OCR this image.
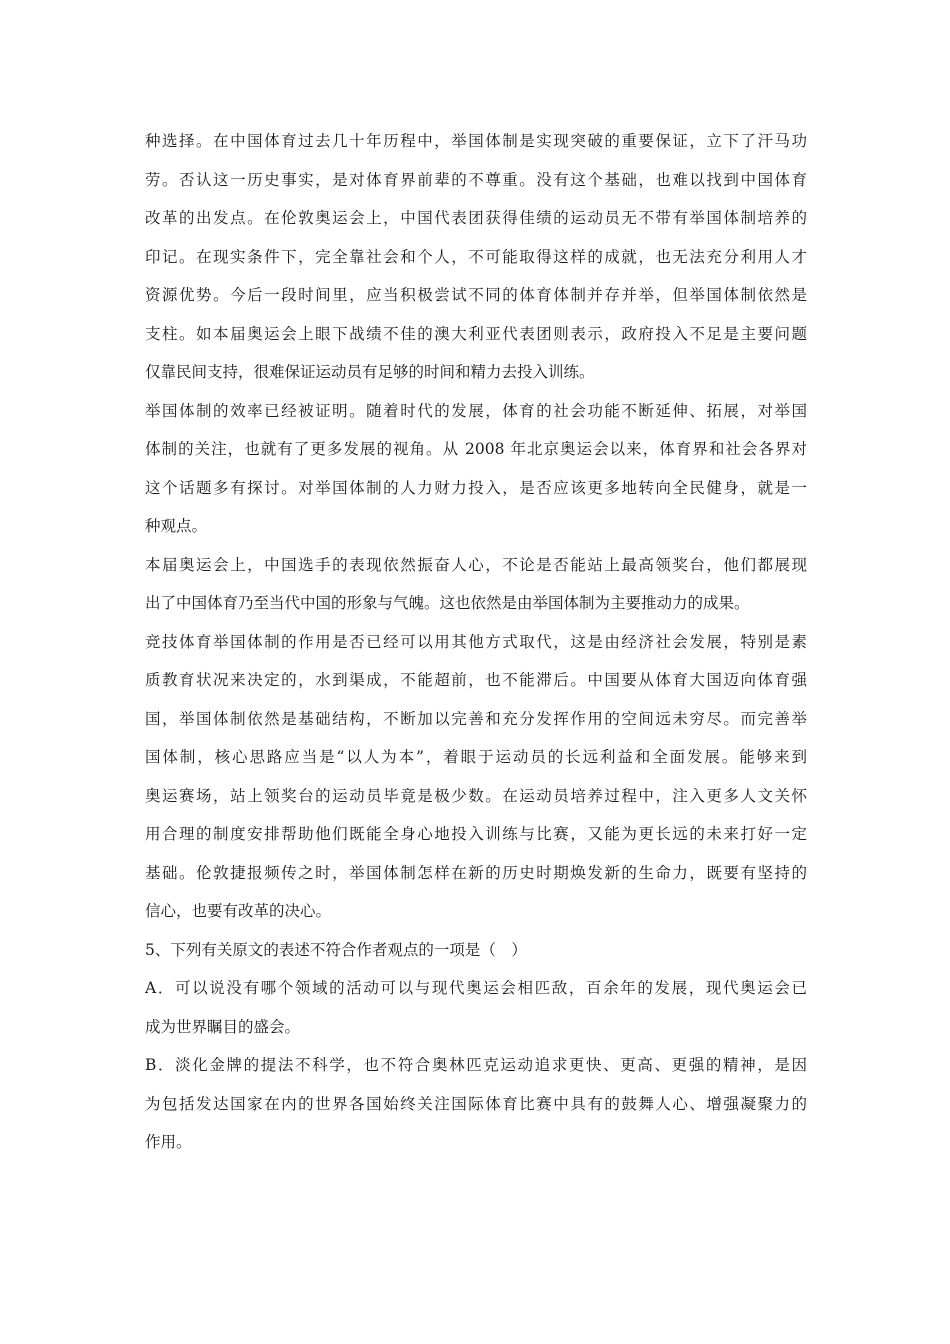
种选择。在中国体育过去几十年历程中，举国体制是实现突破的重要保证，立下了汗马功
劳。否认这一历史事实，是对体育界前辈的不尊重。没有这个基础，也难以找到中国体育
改革的出发点。在伦敦奥运会上，中国代表团获得佳绩的运动员无不带有举国体制培养的
印记。在现实条件下，完全靠社会和个人，不可能取得这样的成就，也无法充分利用人才
资源优势。今后一段时间里，应当积极尝试不同的体育体制并存并举，但举国体制依然是
支柱。如本届奥运会上眼下战绩不佳的澳大利亚代表团则表示，政府投入不足是主要问题
仅靠民间支持，很难保证运动员有足够的时间和精力去投入训练。

举国体制的效率已经被证明。随着时代的发展，体育的社会功能不断延伸、拓展，对举国
体制的关注，也就有了更多发展的视角。从 2008 年北京奥运会以来，体育界和社会各界对
这个话题多有探讨。对举国体制的人力财力投入，是否应该更多地转向全民健身，就是一
种观点。

本届奥运会上，中国选手的表现依然振奋人心，不论是否能站上最高领奖台，他们都展现
出了中国体育乃至当代中国的形象与气魄。这也依然是由举国体制为主要推动力的成果。
竞技体育举国体制的作用是否已经可以用其他方式取代，这是由经济社会发展，特别是素
质教育状况来决定的，水到渠成，不能超前，也不能滞后。中国要从体育大国迈向体育强
国，举国体制依然是基础结构，不断加以完善和充分发挥作用的空间远未穷尽。而完善举
国体制，核心思路应当是“以人为本”，着眼于运动员的长远利益和全面发展。能够来到
奥运赛场，站上领奖台的运动员毕竟是极少数。在运动员培养过程中，注入更多人文关怀
用合理的制度安排帮助他们既能全身心地投入训练与比赛，又能为更长远的未来打好一定
基础。伦敦捷报频传之时，举国体制怎样在新的历史时期焕发新的生命力，既要有坚持的
信心，也要有改革的决心。

5、下列有关原文的表述不符合作者观点的一项是（　）

A．可以说没有哪个领域的活动可以与现代奥运会相匹敌，百余年的发展，现代奥运会已
成为世界瞩目的盛会。

B．淡化金牌的提法不科学，也不符合奥林匹克运动追求更快、更高、更强的精神，是因
为包括发达国家在内的世界各国始终关注国际体育比赛中具有的鼓舞人心、增强凝聚力的
作用。
